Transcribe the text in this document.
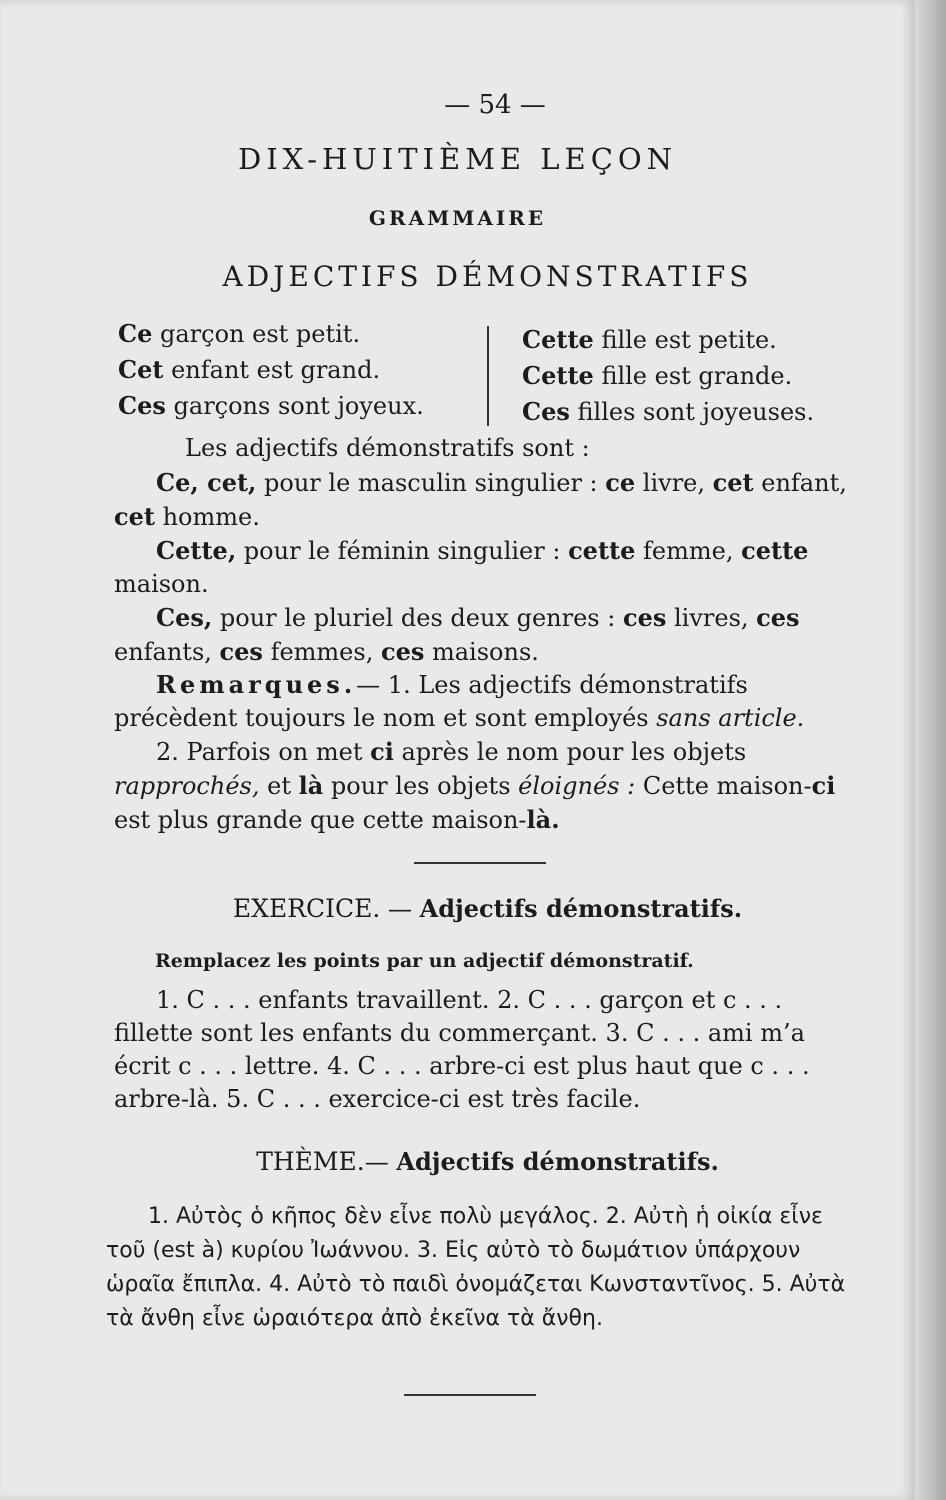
— 54 —
DIX-HUITIÈME LEÇON
GRAMMAIRE
ADJECTIFS DÉMONSTRATIFS
Ce garçon est petit.
Cet enfant est grand.
Ces garçons sont joyeux.
Cette fille est petite.
Cette fille est grande.
Ces filles sont joyeuses.
Les adjectifs démonstratifs sont :
Ce, cet, pour le masculin singulier : ce livre, cet enfant, cet homme.
Cette, pour le féminin singulier : cette femme, cette maison.
Ces, pour le pluriel des deux genres : ces livres, ces enfants, ces femmes, ces maisons.
Remarques.— 1. Les adjectifs démonstratifs précèdent toujours le nom et sont employés sans article.
2. Parfois on met ci après le nom pour les objets rapprochés, et là pour les objets éloignés : Cette maison-ci est plus grande que cette maison-là.
EXERCICE. — Adjectifs démonstratifs.
Remplacez les points par un adjectif démonstratif.
1. C . . . enfants travaillent. 2. C . . . garçon et c . . . fillette sont les enfants du commerçant. 3. C . . . ami m’a écrit c . . . lettre. 4. C . . . arbre-ci est plus haut que c . . . arbre-là. 5. C . . . exercice-ci est très facile.
THÈME.— Adjectifs démonstratifs.
1. Αὐτὸς ὁ κῆπος δὲν εἶνε πολὺ μεγάλος. 2. Αὐτὴ ἡ οἰκία εἶνε τοῦ (est à) κυρίου Ἰωάννου. 3. Εἰς αὐτὸ τὸ δωμάτιον ὑπάρχουν ὡραῖα ἔπιπλα. 4. Αὐτὸ τὸ παιδὶ ὀνομάζεται Κωνσταντῖνος. 5. Αὐτὰ τὰ ἄνθη εἶνε ὡραιότερα ἀπὸ ἐκεῖνα τὰ ἄνθη.
